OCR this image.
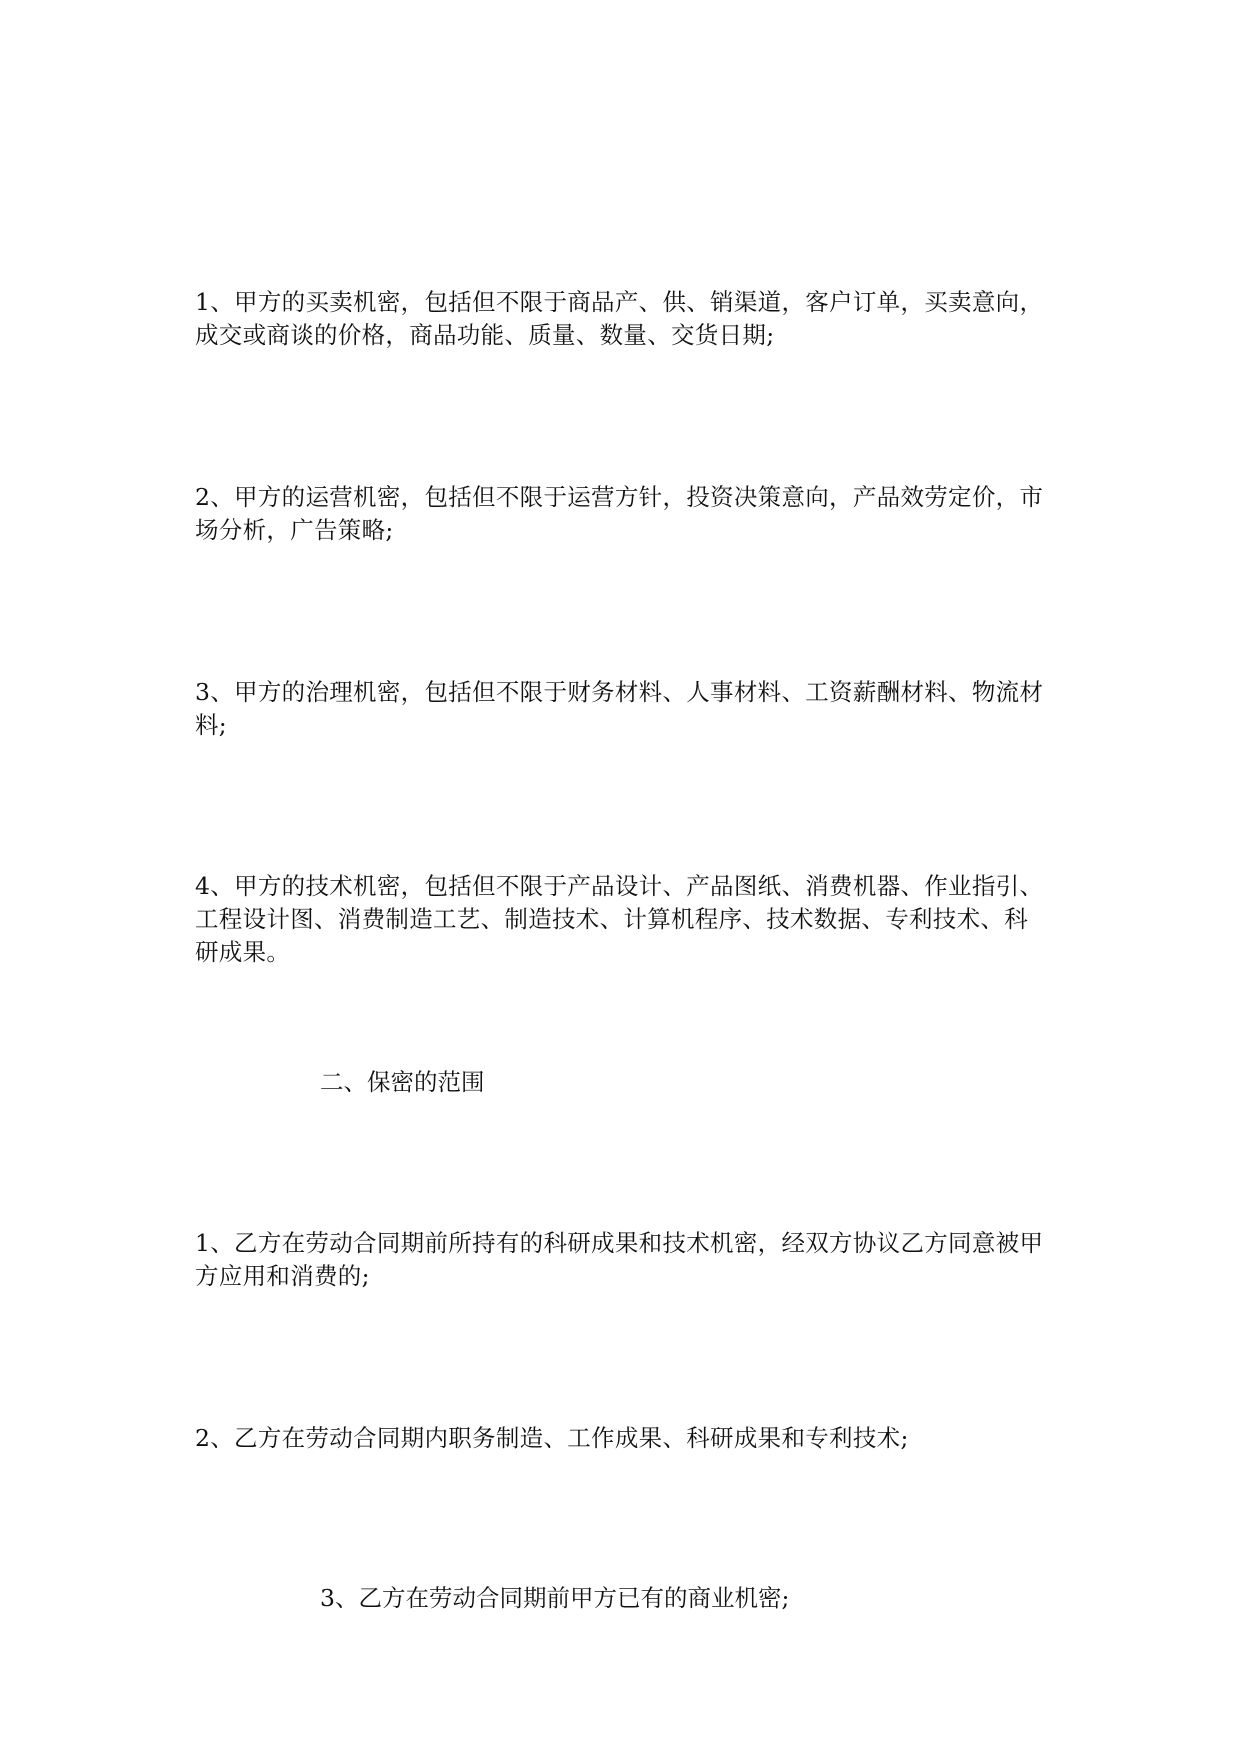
1、甲方的买卖机密，包括但不限于商品产、供、销渠道，客户订单，买卖意向，成交或商谈的价格，商品功能、质量、数量、交货日期;

2、甲方的运营机密，包括但不限于运营方针，投资决策意向，产品效劳定价，市场分析，广告策略;

3、甲方的治理机密，包括但不限于财务材料、人事材料、工资薪酬材料、物流材料;

4、甲方的技术机密，包括但不限于产品设计、产品图纸、消费机器、作业指引、工程设计图、消费制造工艺、制造技术、计算机程序、技术数据、专利技术、科研成果。

二、保密的范围

1、乙方在劳动合同期前所持有的科研成果和技术机密，经双方协议乙方同意被甲方应用和消费的;

2、乙方在劳动合同期内职务制造、工作成果、科研成果和专利技术;

3、乙方在劳动合同期前甲方已有的商业机密;
